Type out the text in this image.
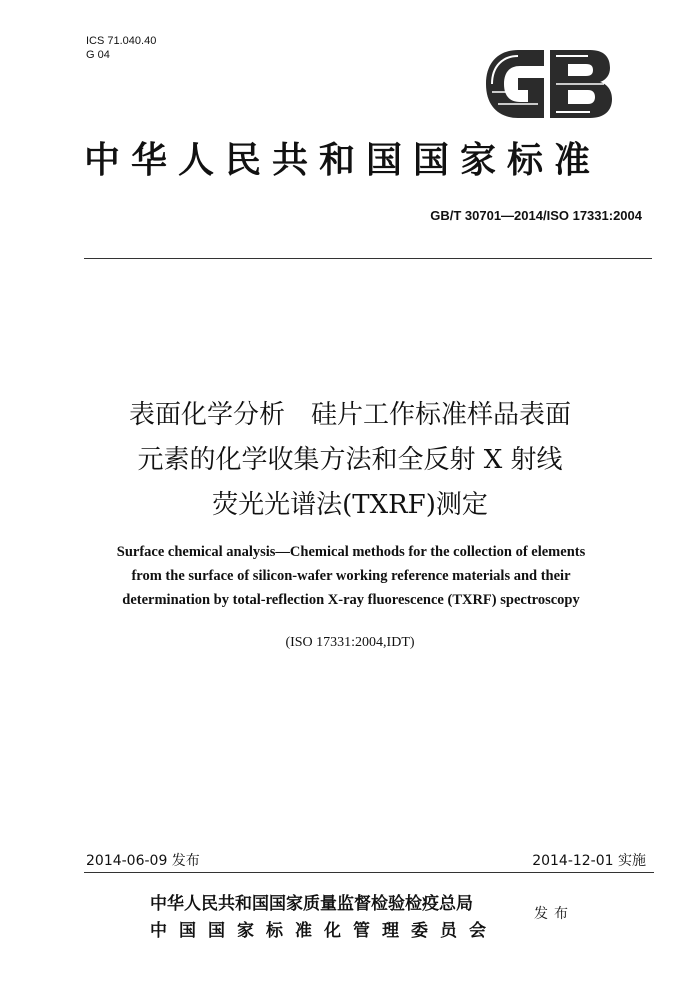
ICS 71.040.40
G 04
中华人民共和国国家标准
GB/T 30701—2014/ISO 17331:2004
表面化学分析　硅片工作标准样品表面
元素的化学收集方法和全反射 X 射线
荧光光谱法(TXRF)测定
Surface chemical analysis—Chemical methods for the collection of elements
from the surface of silicon-wafer working reference materials and their
determination by total-reflection X-ray fluorescence (TXRF) spectroscopy
(ISO 17331:2004,IDT)
2014-06-09 发布	2014-12-01 实施
中华人民共和国国家质量监督检验检疫总局
中国国家标准化管理委员会
发布
